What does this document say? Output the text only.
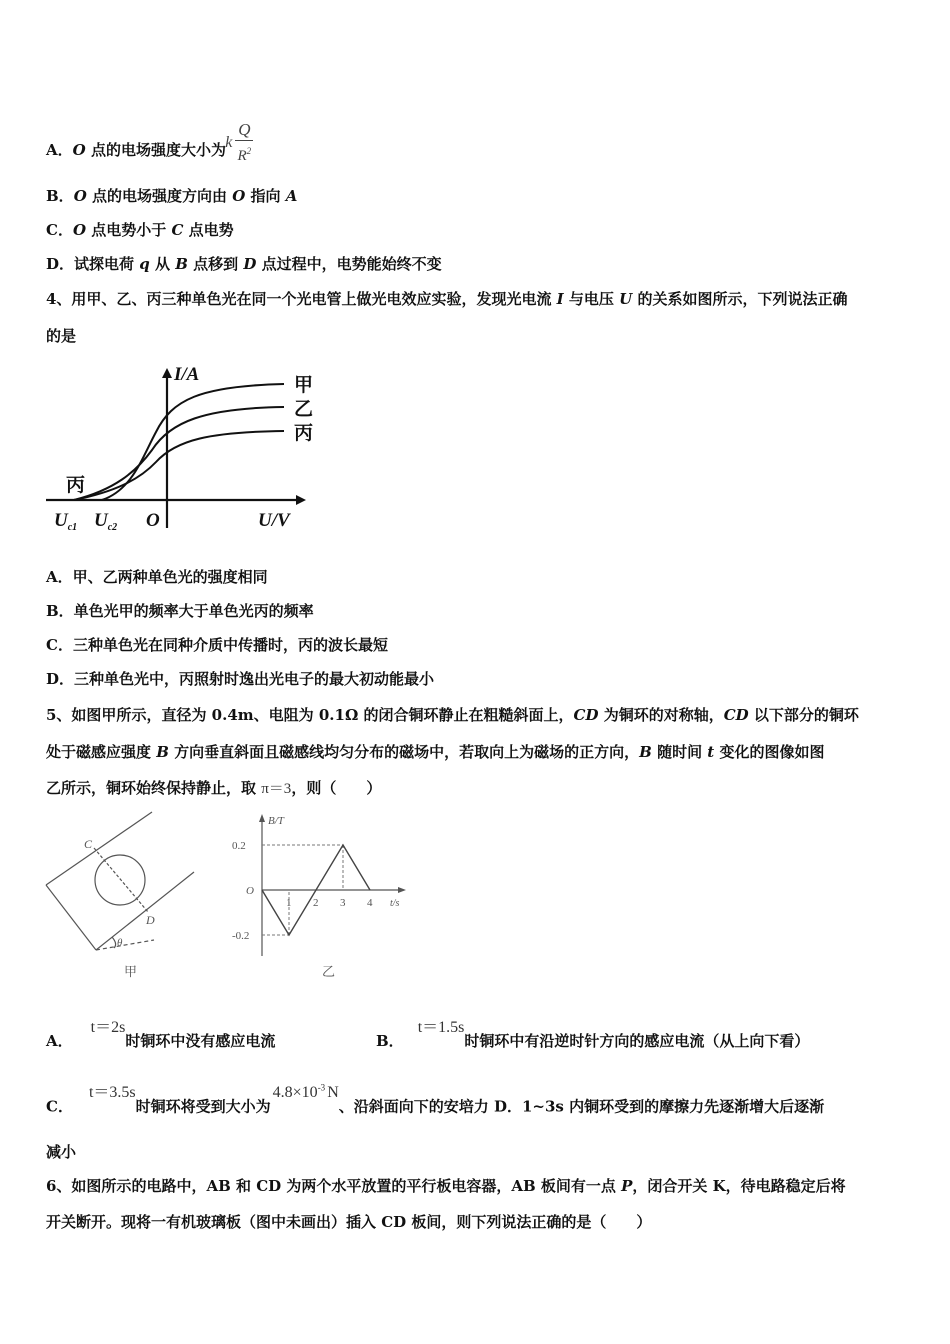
A．O 点的电场强度大小为 k
Q
$R^2$
B．O 点的电场强度方向由 O 指向 A
C．O 点电势小于 C 点电势
D．试探电荷 q 从 B 点移到 D 点过程中，电势能始终不变
4、用甲、乙、丙三种单色光在同一个光电管上做光电效应实验，发现光电流 I 与电压 U 的关系如图所示，下列说法正确
的是
I/A
U/V
O
$U_{c1}$ $U_{c2}$
甲
乙
丙
丙
A．甲、乙两种单色光的强度相同
B．单色光甲的频率大于单色光丙的频率
C．三种单色光在同种介质中传播时，丙的波长最短
D．三种单色光中，丙照射时逸出光电子的最大初动能最小
5、如图甲所示，直径为 0.4m、电阻为 0.1Ω 的闭合铜环静止在粗糙斜面上，CD 为铜环的对称轴，CD 以下部分的铜环
处于磁感应强度 B 方向垂直斜面且磁感线均匀分布的磁场中，若取向上为磁场的正方向，B 随时间 t 变化的图像如图
乙所示，铜环始终保持静止，取 π＝3，则（　　）
C
D
θ
甲
0.2
-0.2
1 2 3 4
B/T
t/s
O
乙
A．t＝2s时铜环中没有感应电流	B．t＝1.5s时铜环中有沿逆时针方向的感应电流（从上向下看）
C．t＝3.5s时铜环将受到大小为$4.8\times 10^{-3}$ N、沿斜面向下的安培力 D．1~3s 内铜环受到的摩擦力先逐渐增大后逐渐
减小
6、如图所示的电路中，AB 和 CD 为两个水平放置的平行板电容器，AB 板间有一点 P，闭合开关 K，待电路稳定后将
开关断开。现将一有机玻璃板（图中未画出）插入 CD 板间，则下列说法正确的是（　　）
